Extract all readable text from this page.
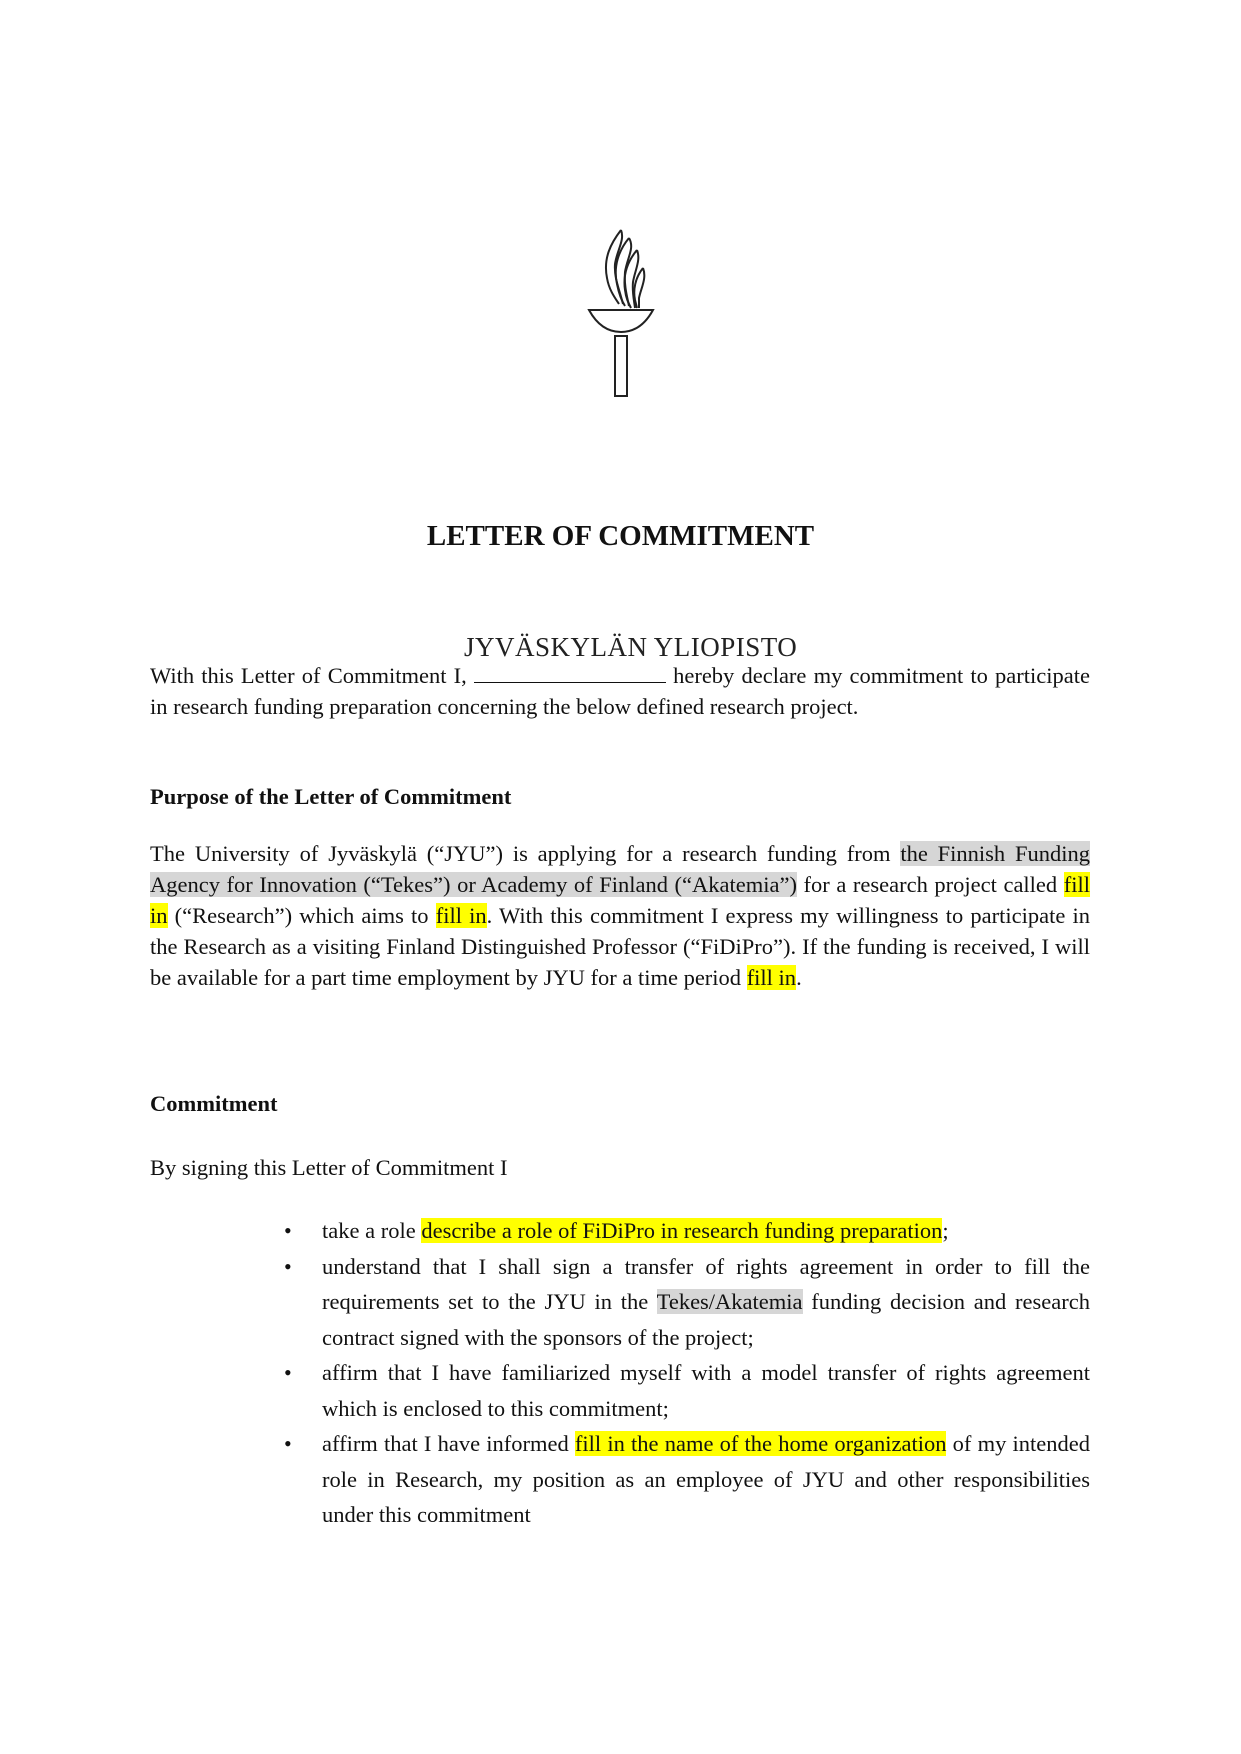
JYVÄSKYLÄN YLIOPISTO
LETTER OF COMMITMENT
With this Letter of Commitment I,	hereby declare my commitment to participate in research funding preparation concerning the below defined research project.
Purpose of the Letter of Commitment
The University of Jyväskylä (“JYU”) is applying for a research funding from the Finnish Funding Agency for Innovation (“Tekes”) or Academy of Finland (“Akatemia”) for a research project called fill in (“Research”) which aims to fill in. With this commitment I express my willingness to participate in the Research as a visiting Finland Distinguished Professor (“FiDiPro”). If the funding is received, I will be available for a part time employment by JYU for a time period fill in.
Commitment
By signing this Letter of Commitment I
• take a role describe a role of FiDiPro in research funding preparation;
• understand that I shall sign a transfer of rights agreement in order to fill the requirements set to the JYU in the Tekes/Akatemia funding decision and research contract signed with the sponsors of the project;
• affirm that I have familiarized myself with a model transfer of rights agreement which is enclosed to this commitment;
• affirm that I have informed fill in the name of the home organization of my intended role in Research, my position as an employee of JYU and other responsibilities under this commitment
